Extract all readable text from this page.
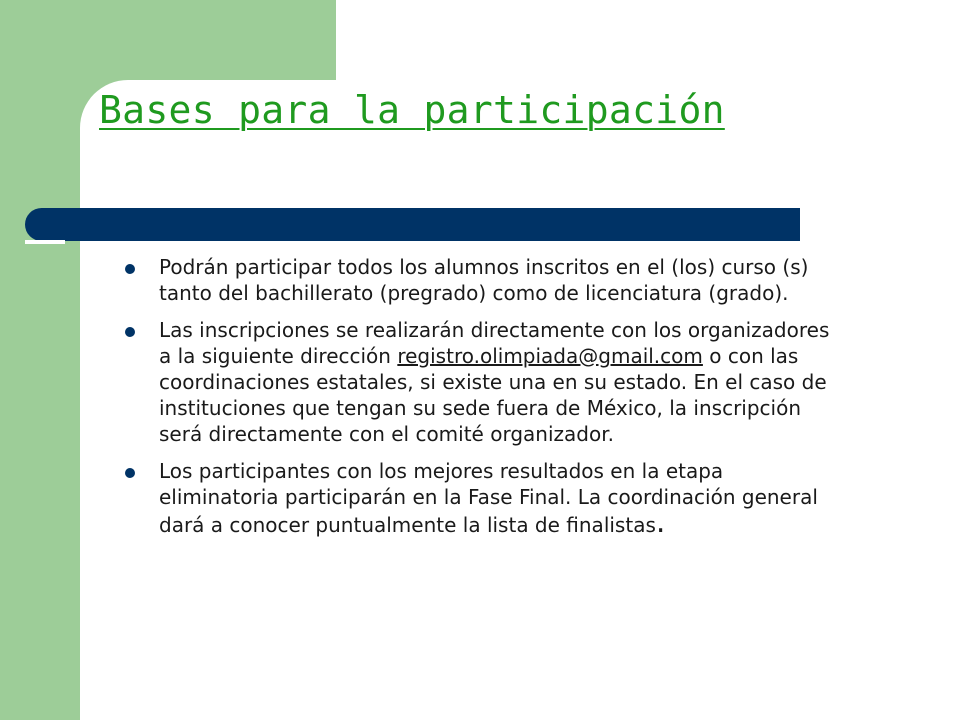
Bases para la participación
Podrán participar todos los alumnos inscritos en el (los) curso (s) tanto del bachillerato (pregrado) como de licenciatura (grado).
Las inscripciones se realizarán directamente con los organizadores a la siguiente dirección registro.olimpiada@gmail.com o con las coordinaciones estatales, si existe una en su estado. En el caso de instituciones que tengan su sede fuera de México, la inscripción será directamente con el comité organizador.
Los participantes con los mejores resultados en la etapa eliminatoria participarán en la Fase Final. La coordinación general dará a conocer puntualmente la lista de finalistas.
